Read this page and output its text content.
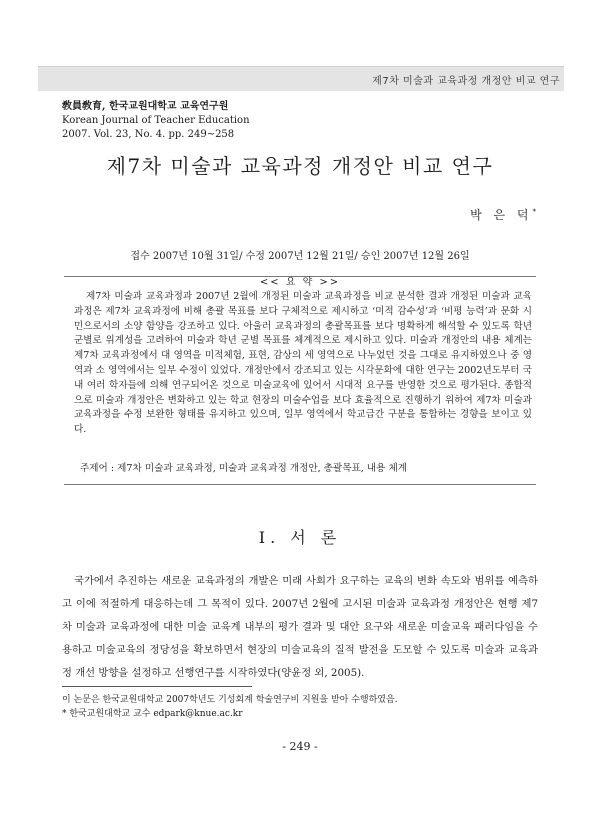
제7차 미술과 교육과정 개정안 비교 연구
敎員敎育, 한국교원대학교 교육연구원
Korean Journal of Teacher Education
2007. Vol. 23, No. 4. pp. 249∼258
제7차 미술과 교육과정 개정안 비교 연구
박 은 덕*
접수 2007년 10월 31일/ 수정 2007년 12월 21일/ 승인 2007년 12월 26일
<< 요 약 >>
제7차 미술과 교육과정과 2007년 2월에 개정된 미술과 교육과정을 비교 분석한 결과 개정된 미술과 교육과정은 제7차 교육과정에 비해 총괄 목표를 보다 구체적으로 제시하고 ‘미적 감수성’과 ‘비평 능력’과 문화 시민으로서의 소양 함양을 강조하고 있다. 아울러 교육과정의 총괄목표를 보다 명확하게 해석할 수 있도록 학년군별로 위계성을 고려하여 미술과 학년 군별 목표를 체계적으로 제시하고 있다. 미술과 개정안의 내용 체계는 제7차 교육과정에서 대 영역을 미적체험, 표현, 감상의 세 영역으로 나누었던 것을 그대로 유지하였으나 중 영역과 소 영역에서는 일부 수정이 있었다. 개정안에서 강조되고 있는 시각문화에 대한 연구는 2002년도부터 국내 여러 학자들에 의해 연구되어온 것으로 미술교육에 있어서 시대적 요구를 반영한 것으로 평가된다. 종합적으로 미술과 개정안은 변화하고 있는 학교 현장의 미술수업을 보다 효율적으로 진행하기 위하여 제7차 미술과 교육과정을 수정 보완한 형태를 유지하고 있으며, 일부 영역에서 학교급간 구분을 통합하는 경향을 보이고 있다.
주제어 : 제7차 미술과 교육과정, 미술과 교육과정 개정안, 총괄목표, 내용 체계
Ⅰ. 서 론
국가에서 추진하는 새로운 교육과정의 개발은 미래 사회가 요구하는 교육의 변화 속도와 범위를 예측하고 이에 적절하게 대응하는데 그 목적이 있다. 2007년 2월에 고시된 미술과 교육과정 개정안은 현행 제7차 미술과 교육과정에 대한 미술 교육계 내부의 평가 결과 및 대안 요구와 새로운 미술교육 패러다임을 수용하고 미술교육의 정당성을 확보하면서 현장의 미술교육의 질적 발전을 도모할 수 있도록 미술과 교육과정 개선 방향을 설정하고 선행연구를 시작하였다(양윤정 외, 2005).
이 논문은 한국교원대학교 2007학년도 기성회계 학술연구비 지원을 받아 수행하였음.
* 한국교원대학교 교수 edpark@knue.ac.kr
- 249 -
